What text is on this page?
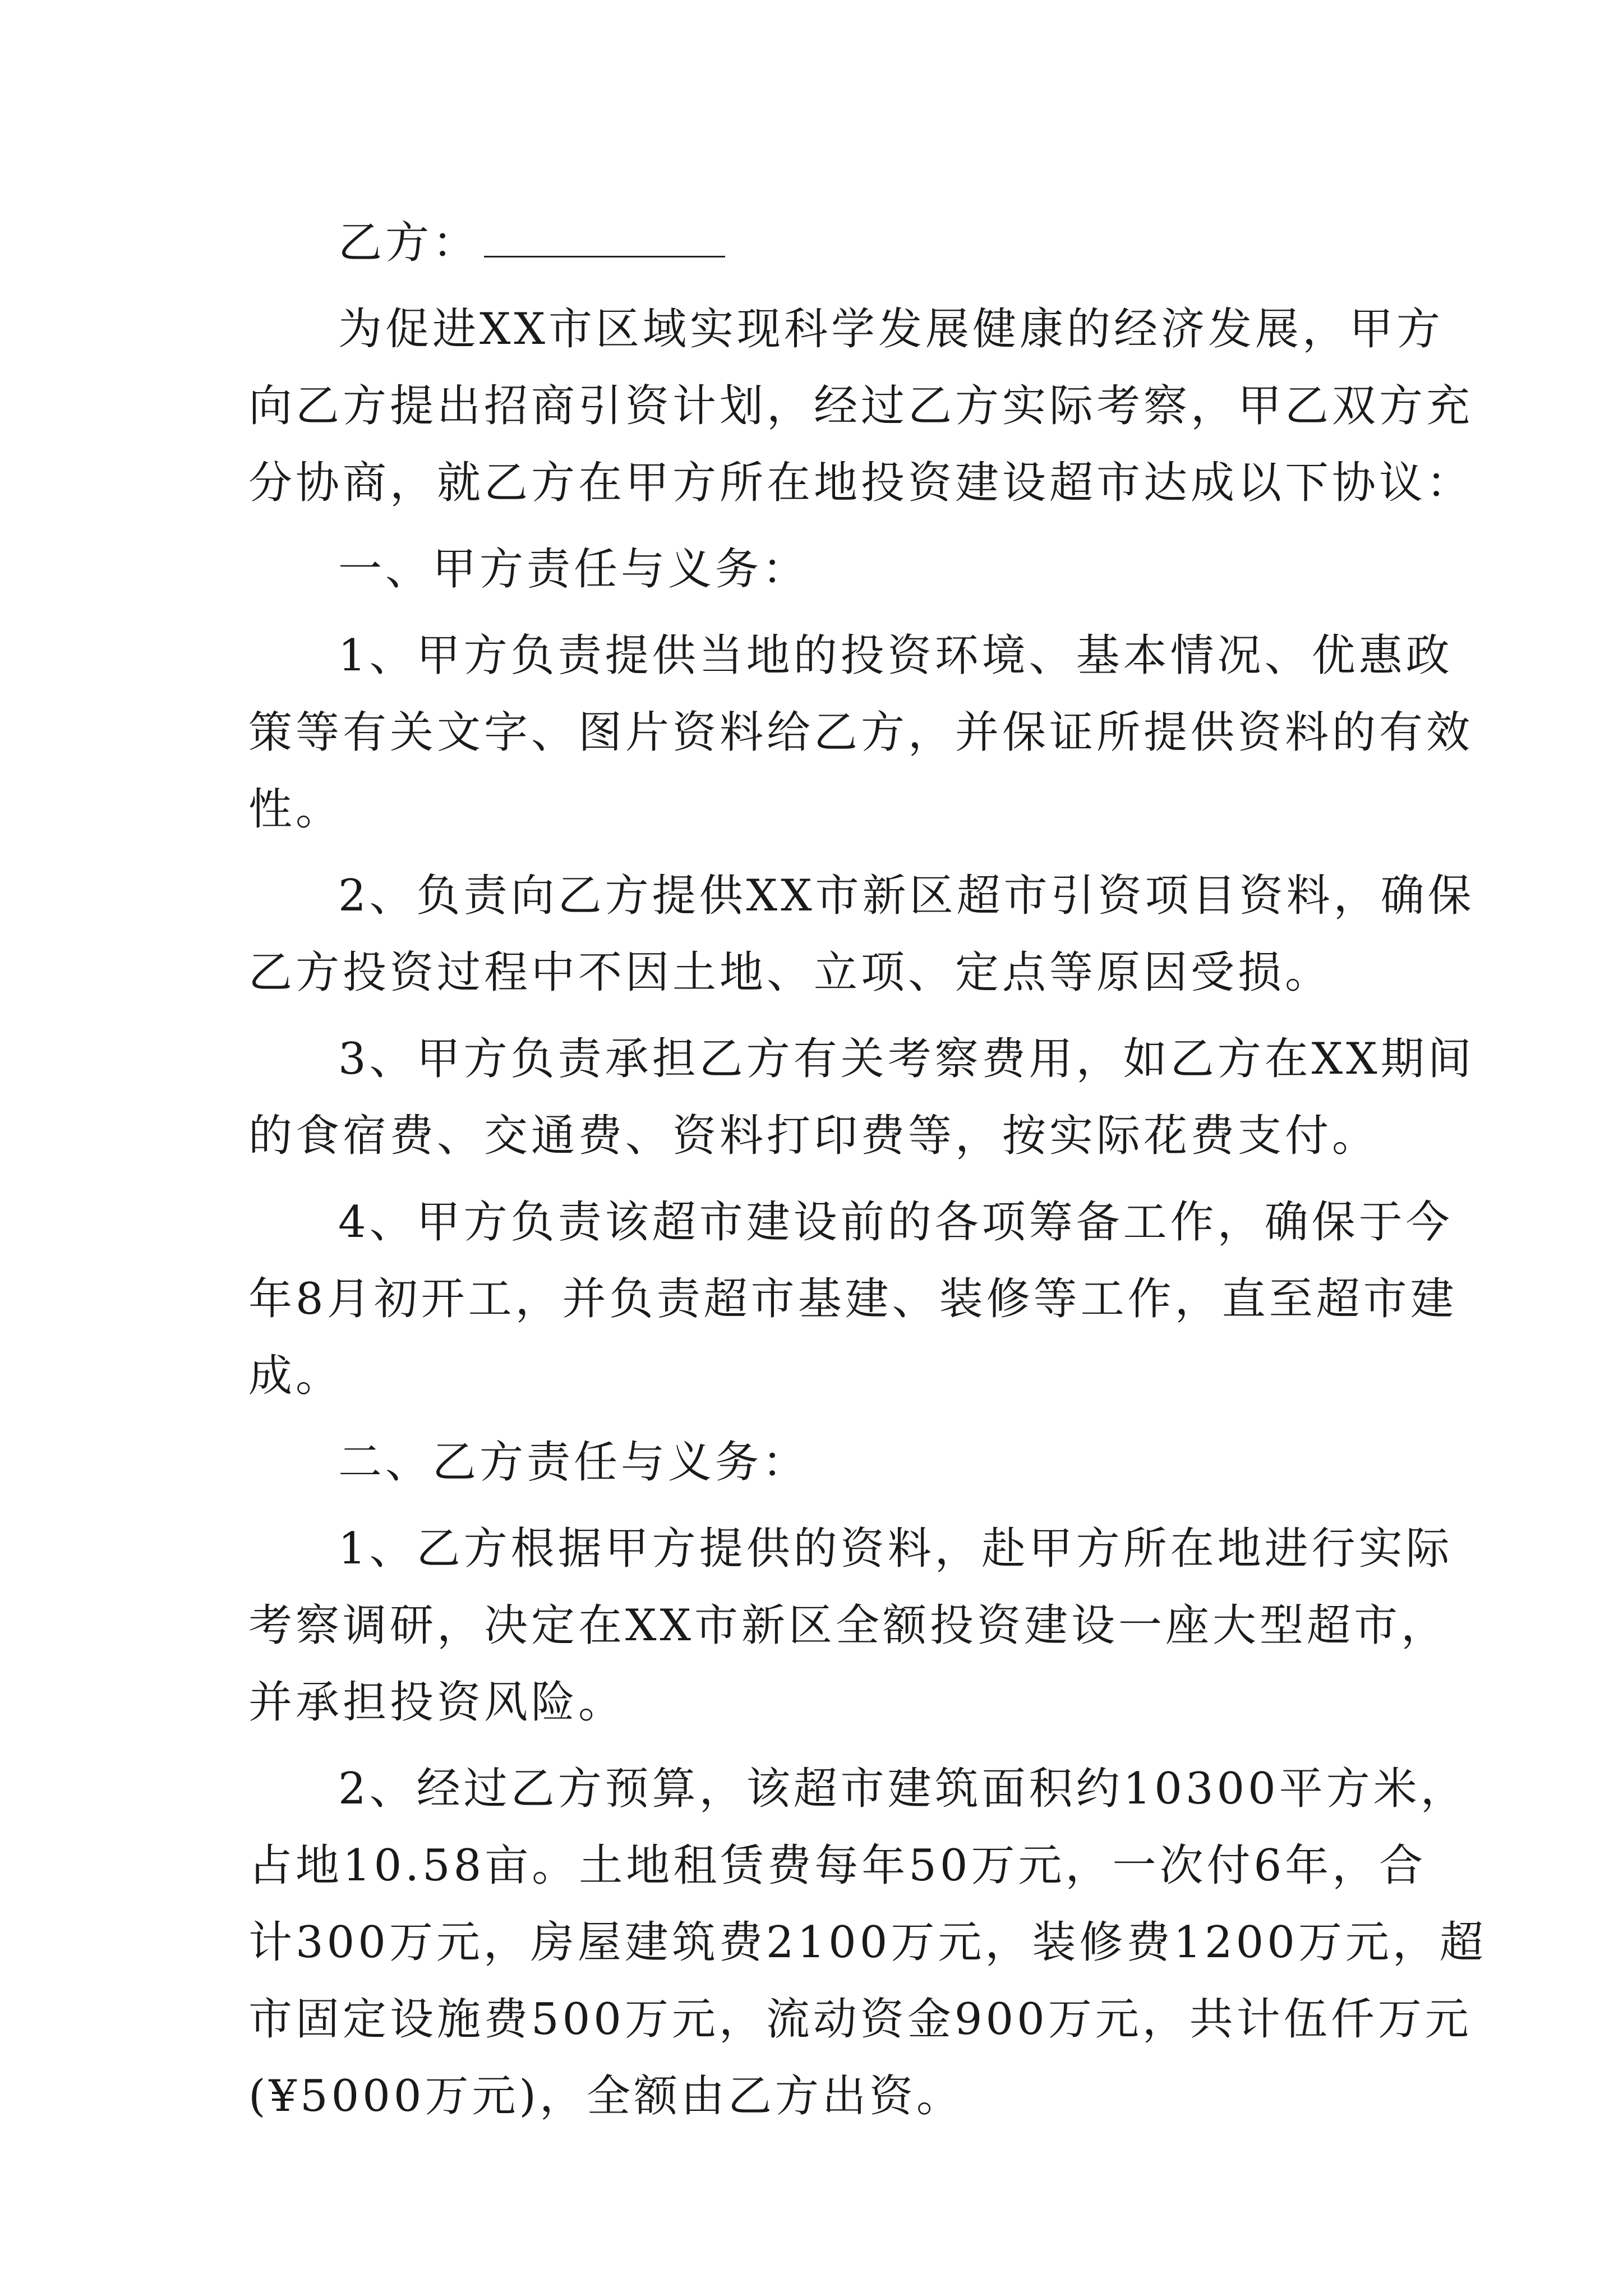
乙方：
为促进XX市区域实现科学发展健康的经济发展，甲方
向乙方提出招商引资计划，经过乙方实际考察，甲乙双方充
分协商，就乙方在甲方所在地投资建设超市达成以下协议：
一、甲方责任与义务：
1、甲方负责提供当地的投资环境、基本情况、优惠政
策等有关文字、图片资料给乙方，并保证所提供资料的有效
性。
2、负责向乙方提供XX市新区超市引资项目资料，确保
乙方投资过程中不因土地、立项、定点等原因受损。
3、甲方负责承担乙方有关考察费用，如乙方在XX期间
的食宿费、交通费、资料打印费等，按实际花费支付。
4、甲方负责该超市建设前的各项筹备工作，确保于今
年8月初开工，并负责超市基建、装修等工作，直至超市建
成。
二、乙方责任与义务：
1、乙方根据甲方提供的资料，赴甲方所在地进行实际
考察调研，决定在XX市新区全额投资建设一座大型超市，
并承担投资风险。
2、经过乙方预算，该超市建筑面积约10300平方米，
占地10.58亩。土地租赁费每年50万元，一次付6年，合
计300万元，房屋建筑费2100万元，装修费1200万元，超
市固定设施费500万元，流动资金900万元，共计伍仟万元
(¥5000万元)，全额由乙方出资。
